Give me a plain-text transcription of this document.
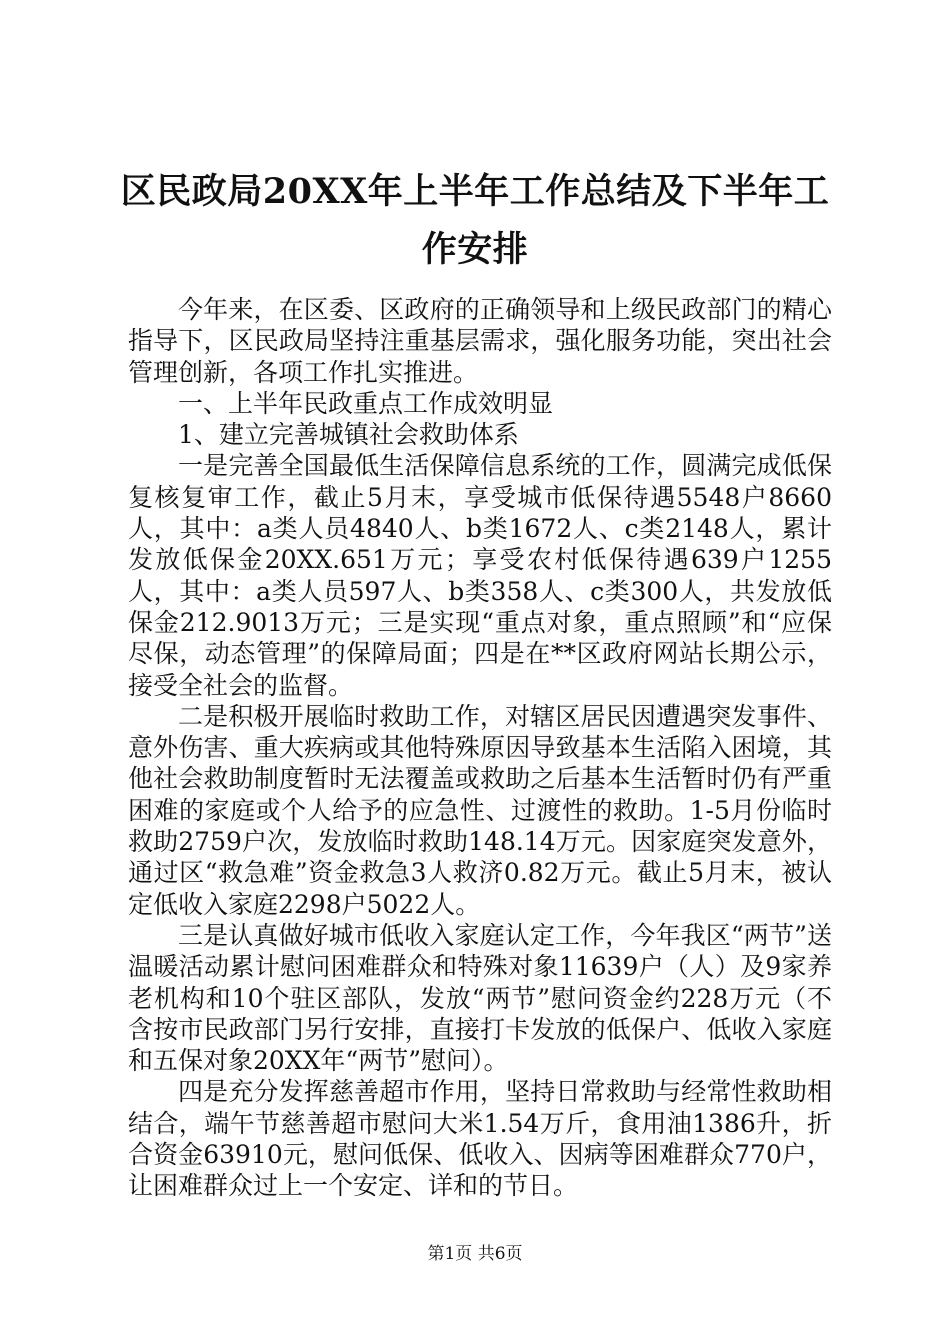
区民政局20XX年上半年工作总结及下半年工作安排

今年来，在区委、区政府的正确领导和上级民政部门的精心指导下，区民政局坚持注重基层需求，强化服务功能，突出社会管理创新，各项工作扎实推进。

一、上半年民政重点工作成效明显

1、建立完善城镇社会救助体系

一是完善全国最低生活保障信息系统的工作，圆满完成低保复核复审工作，截止5月末，享受城市低保待遇5548户8660人，其中：a类人员4840人、b类1672人、c类2148人，累计发放低保金20XX.651万元；享受农村低保待遇639户1255人，其中：a类人员597人、b类358人、c类300人，共发放低保金212.9013万元；三是实现“重点对象，重点照顾”和“应保尽保，动态管理”的保障局面；四是在**区政府网站长期公示，接受全社会的监督。

二是积极开展临时救助工作，对辖区居民因遭遇突发事件、意外伤害、重大疾病或其他特殊原因导致基本生活陷入困境，其他社会救助制度暂时无法覆盖或救助之后基本生活暂时仍有严重困难的家庭或个人给予的应急性、过渡性的救助。1-5月份临时救助2759户次，发放临时救助148.14万元。因家庭突发意外，通过区“救急难”资金救急3人救济0.82万元。截止5月末，被认定低收入家庭2298户5022人。

三是认真做好城市低收入家庭认定工作，今年我区“两节”送温暖活动累计慰问困难群众和特殊对象11639户（人）及9家养老机构和10个驻区部队，发放“两节”慰问资金约228万元（不含按市民政部门另行安排，直接打卡发放的低保户、低收入家庭和五保对象20XX年“两节”慰问）。

四是充分发挥慈善超市作用，坚持日常救助与经常性救助相结合，端午节慈善超市慰问大米1.54万斤，食用油1386升，折合资金63910元，慰问低保、低收入、因病等困难群众770户，让困难群众过上一个安定、详和的节日。

第1页 共6页
